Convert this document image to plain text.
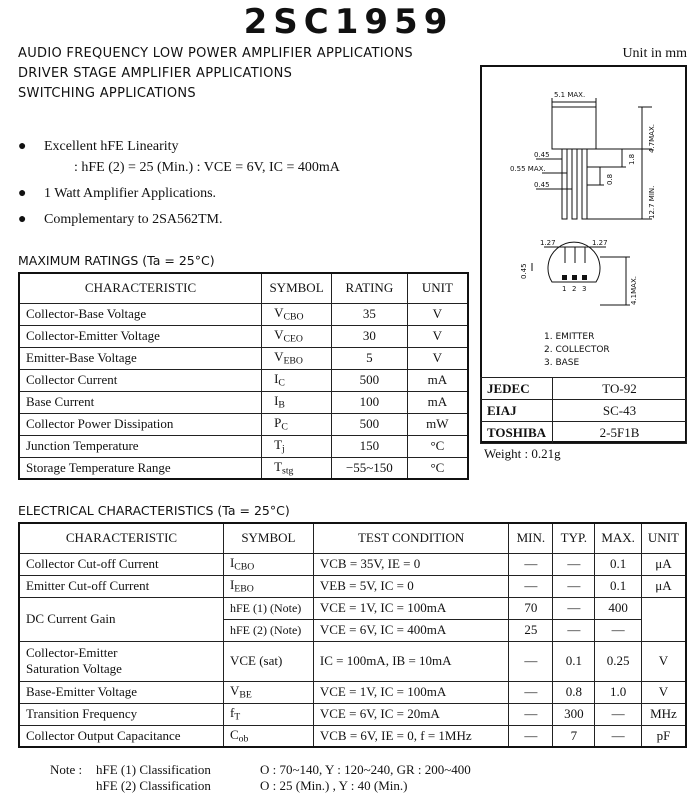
2SC1959
Unit in mm
AUDIO FREQUENCY LOW POWER AMPLIFIER APPLICATIONS
DRIVER STAGE AMPLIFIER APPLICATIONS
SWITCHING APPLICATIONS
● Excellent hFE Linearity
: hFE (2) = 25 (Min.) : VCE = 6V, IC = 400mA
● 1 Watt Amplifier Applications.
● Complementary to 2SA562TM.
MAXIMUM RATINGS (Ta = 25°C)
CHARACTERISTIC	SYMBOL	RATING	UNIT
Collector-Base Voltage	$V_{CBO}$	35	V
Collector-Emitter Voltage	$V_{CEO}$	30	V
Emitter-Base Voltage	$V_{EBO}$	5	V
Collector Current	$I_C$	500	mA
Base Current	$I_B$	100	mA
Collector Power Dissipation	$P_C$	500	mW
Junction Temperature	$T_j$	150	°C
Storage Temperature Range	$T_{stg}$	−55~150	°C
5.1 MAX.
4.7MAX.
12.7 MIN.
0.45
0.55 MAX.
0.45
1.8
0.8
1.27	1.27
0.45
4.1MAX.
1 2 3
1. EMITTER
2. COLLECTOR
3. BASE
JEDEC	TO-92
EIAJ	SC-43
TOSHIBA	2-5F1B
Weight : 0.21g
ELECTRICAL CHARACTERISTICS (Ta = 25°C)
CHARACTERISTIC	SYMBOL	TEST CONDITION	MIN.	TYP.	MAX.	UNIT
Collector Cut-off Current	$I_{CBO}$	VCB = 35V, IE = 0	—	—	0.1	μA
Emitter Cut-off Current	$I_{EBO}$	VEB = 5V, IC = 0	—	—	0.1	μA
DC Current Gain	hFE (1) (Note)	VCE = 1V, IC = 100mA	70	—	400	
	hFE (2) (Note)	VCE = 6V, IC = 400mA	25	—	—	
Collector-Emitter
Saturation Voltage	VCE (sat)	IC = 100mA, IB = 10mA	—	0.1	0.25	V
Base-Emitter Voltage	$V_{BE}$	VCE = 1V, IC = 100mA	—	0.8	1.0	V
Transition Frequency	$f_T$	VCE = 6V, IC = 20mA	—	300	—	MHz
Collector Output Capacitance	$C_{ob}$	VCB = 6V, IE = 0, f = 1MHz	—	7	—	pF
Note : hFE (1) Classification	O : 70~140, Y : 120~240, GR : 200~400
hFE (2) Classification	O : 25 (Min.) , Y : 40 (Min.)
